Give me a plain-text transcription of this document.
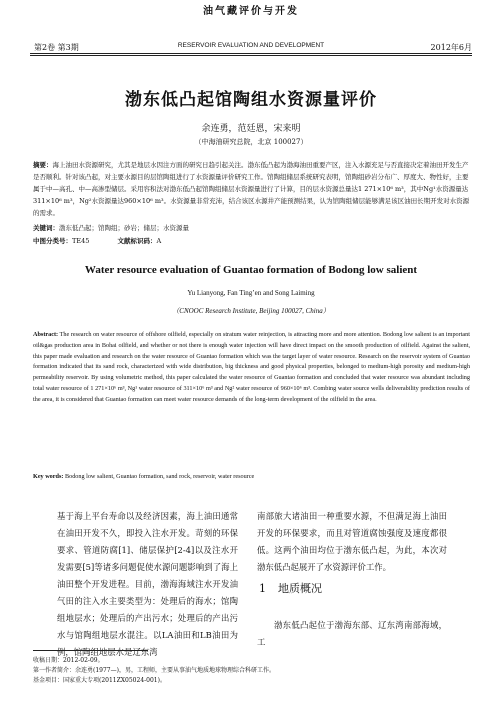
油气藏评价与开发
第2卷 第3期	RESERVOIR EVALUATION AND DEVELOPMENT	2012年6月
渤东低凸起馆陶组水资源量评价
余连勇，范廷恩，宋来明
（中海油研究总院，北京 100027）
摘要：海上油田水资源研究，尤其是地层水因注方面的研究日趋引起关注。渤东低凸起为渤海油田重要产区，注入水源充足与否直接决定着油田开发生产是否顺利。针对该凸起，对主要水源目的层馆陶组进行了水资源量评价研究工作。馆陶组储层系统研究表明，馆陶组砂岩分布广、厚度大、物性好，主要属于中—高孔、中—高渗型储层。采用容积法对渤东低凸起馆陶组储层水资源量进行了计算，目的层水资源总量达1 271×10⁶ m³，其中Ng¹水资源量达311×10⁶ m³，Ng²水资源量达960×10⁶ m³。水资源量非常充沛，结合该区水源井产能预测结果，认为馆陶组储层能够满足该区油田长期开发对水资源的需求。
关键词：渤东低凸起；馆陶组；砂岩；储层；水资源量
中图分类号：TE45	文献标识码：A
Water resource evaluation of Guantao formation of Bodong low salient
Yu Lianyong, Fan Ting’en and Song Laiming
（CNOOC Research Institute, Beijing 100027, China）
Abstract: The research on water resource of offshore oilfield, especially on stratum water reinjection, is attracting more and more attention. Bodong low salient is an important oil&gas production area in Bohai oilfield, and whether or not there is enough water injection will have direct impact on the smooth production of oilfield. Against the salient, this paper made evaluation and research on the water resource of Guantao formation which was the target layer of water resource. Research on the reservoir system of Guantao formation indicated that its sand rock, characterized with wide distribution, big thickness and good physical properties, belonged to medium-high porosity and medium-high permeability reservoir. By using volumetric method, this paper calculated the water resource of Guantao formation and concluded that water resource was abundant including total water resource of 1 271×10⁶ m³, Ng¹ water resource of 311×10⁶ m³ and Ng² water resource of 960×10⁶ m³. Combing water source wells deliverability prediction results of the area, it is considered that Guantao formation can meet water resource demands of the long-term development of the oilfield in the area.
Key words: Bodong low salient, Guantao formation, sand rock, reservoir, water resource
基于海上平台寿命以及经济因素，海上油田通常在油田开发不久，即投入注水开发。苛刻的环保要求、管道防腐[1]、储层保护[2-4]以及注水开发需要[5]等诸多问题促使水源问题影响到了海上油田整个开发进程。目前，渤海海域注水开发油气田的注入水主要类型为：处理后的海水；馆陶组地层水；处理后的产出污水；处理后的产出污水与馆陶组地层水混注。以LA油田和LB油田为例，馆陶组地层水是辽东湾
南部旅大诸油田一种重要水源，不但满足海上油田开发的环保要求，而且对管道腐蚀强度及速度都很低。这两个油田均位于渤东低凸起，为此，本次对渤东低凸起展开了水资源评价工作。
1 地质概况
渤东低凸起位于渤海东部、辽东湾南部海域，工
收稿日期：2012-02-09。
第一作者简介：余连勇(1977—)，男，工程师，主要从事油气地质地球物理综合科研工作。
基金项目：国家重大专项(2011ZX05024-001)。
